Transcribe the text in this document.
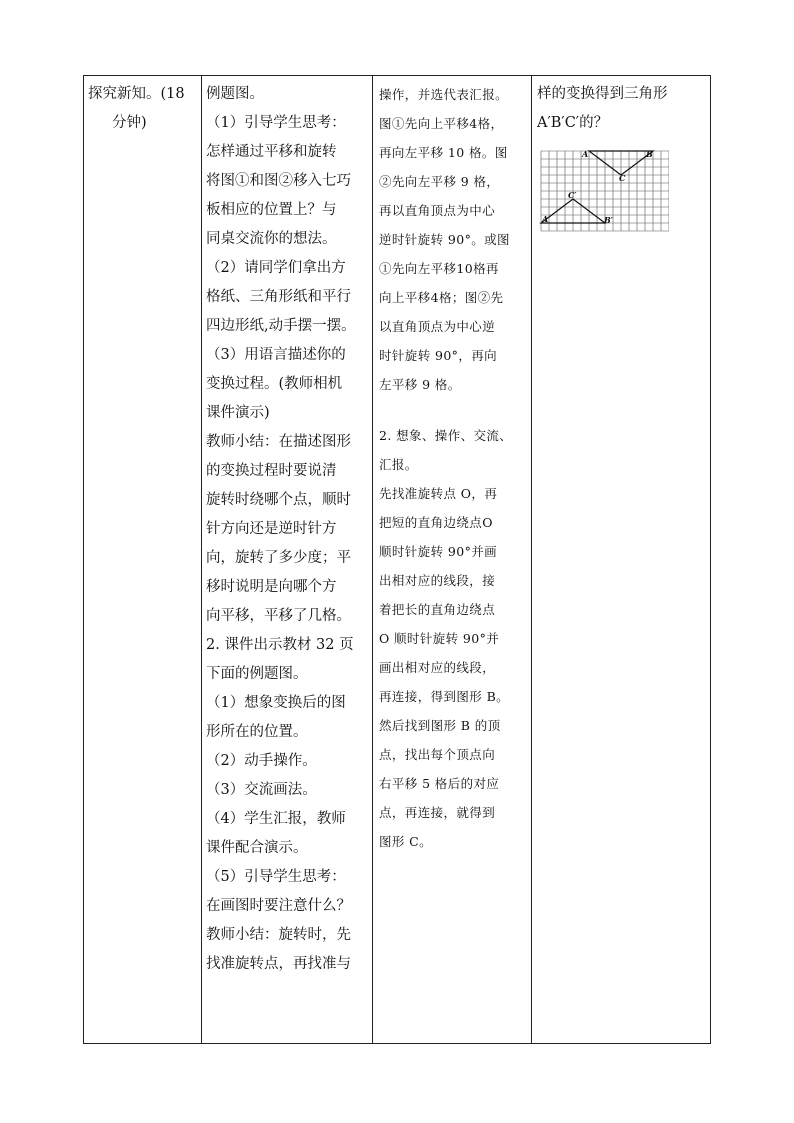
探究新知。(18
分钟)

例题图。

（1）引导学生思考：

怎样通过平移和旋转

将图①和图②移入七巧

板相应的位置上？与

同桌交流你的想法。

（2）请同学们拿出方

格纸、三角形纸和平行

四边形纸,动手摆一摆。

（3）用语言描述你的

变换过程。(教师相机

课件演示)

教师小结：在描述图形

的变换过程时要说清

旋转时绕哪个点，顺时

针方向还是逆时针方

向，旋转了多少度；平

移时说明是向哪个方

向平移，平移了几格。

2. 课件出示教材 32 页

下面的例题图。

（1）想象变换后的图

形所在的位置。

（2）动手操作。

（3）交流画法。

（4）学生汇报，教师

课件配合演示。

（5）引导学生思考：

在画图时要注意什么？

教师小结：旋转时，先

找准旋转点，再找准与

操作，并选代表汇报。

图①先向上平移4格，

再向左平移 10 格。图

②先向左平移 9 格，

再以直角顶点为中心

逆时针旋转 90°。或图

①先向左平移10格再

向上平移4格；图②先

以直角顶点为中心逆

时针旋转 90°，再向

左平移 9 格。

2. 想象、操作、交流、

汇报。

先找准旋转点 O，再

把短的直角边绕点O

顺时针旋转 90°并画

出相对应的线段，接

着把长的直角边绕点

O 顺时针旋转 90°并

画出相对应的线段，

再连接，得到图形 B。

然后找到图形 B 的顶

点，找出每个顶点向

右平移 5 格后的对应

点，再连接，就得到

图形 C。

样的变换得到三角形

A′B′C′的？

A	B
C
A′	B′
C′
